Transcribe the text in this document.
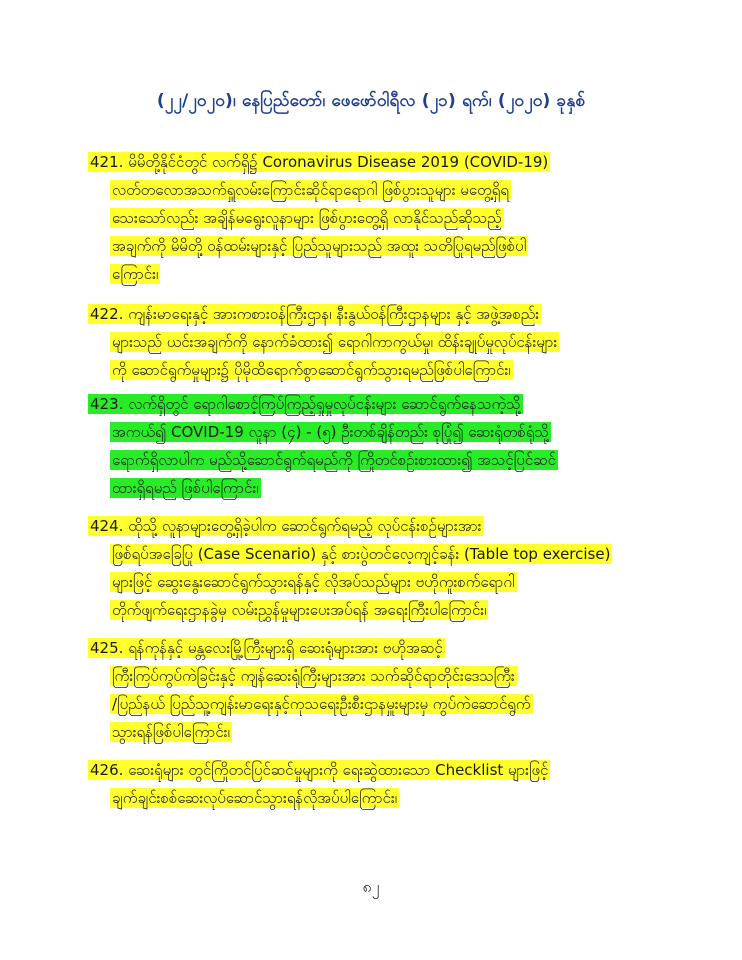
(၂၂/၂၀၂၀)၊ နေပြည်တော်၊ ဖေဖော်ဝါရီလ (၂၁) ရက်၊ (၂၀၂၀) ခုနှစ်
421. မိမိတို့နိုင်ငံတွင် လက်ရှိ၌ Coronavirus Disease 2019 (COVID-19)
လတ်တလောအသက်ရှူလမ်းကြောင်းဆိုင်ရာရောဂါ ဖြစ်ပွားသူများ မတွေ့ရှိရ
သေးသော်လည်း အချိန်မရွေးလူနာများ ဖြစ်ပွားတွေ့ရှိ လာနိုင်သည်ဆိုသည့်
အချက်ကို မိမိတို့ ဝန်ထမ်းများနှင့် ပြည်သူများသည် အထူး သတိပြုရမည်ဖြစ်ပါ
ကြောင်း၊
422. ကျန်းမာရေးနှင့် အားကစားဝန်ကြီးဌာန၊ နီးနွယ်ဝန်ကြီးဌာနများ နှင့် အဖွဲ့အစည်း
များသည် ယင်းအချက်ကို နောက်ခံထား၍ ရောဂါကာကွယ်မှု၊ ထိန်းချုပ်မှုလုပ်ငန်းများ
ကို ဆောင်ရွက်မှုများ၌ ပိုမိုထိရောက်စွာဆောင်ရွက်သွားရမည်ဖြစ်ပါကြောင်း၊
423. လက်ရှိတွင် ရောဂါစောင့်ကြပ်ကြည့်ရှုမှုလုပ်ငန်းများ ဆောင်ရွက်နေသကဲ့သို့
အကယ်၍ COVID-19 လူနာ (၄) - (၅) ဦးတစ်ချိန်တည်း စုပြုံ၍ ဆေးရုံတစ်ရုံသို့
ရောက်ရှိလာပါက မည်သို့ဆောင်ရွက်ရမည်ကို ကြိုတင်စဉ်းစားထား၍ အသင့်ပြင်ဆင်
ထားရှိရမည် ဖြစ်ပါကြောင်း၊
424. ထိုသို့ လူနာများတွေ့ရှိခဲ့ပါက ဆောင်ရွက်ရမည့် လုပ်ငန်းစဉ်များအား
ဖြစ်ရပ်အခြေပြု (Case Scenario) နှင့် စားပွဲတင်လေ့ကျင့်ခန်း (Table top exercise)
များဖြင့် ဆွေးနွေးဆောင်ရွက်သွားရန်နှင့် လိုအပ်သည်များ ဗဟိုကူးစက်ရောဂါ
တိုက်ဖျက်ရေးဌာနခွဲမှ လမ်းညွှန်မှုများပေးအပ်ရန် အရေးကြီးပါကြောင်း၊
425. ရန်ကုန်နှင့် မန္တလေးမြို့ကြီးများရှိ ဆေးရုံများအား ဗဟိုအဆင့်
ကြီးကြပ်ကွပ်ကဲခြင်းနှင့် ကျန်ဆေးရုံကြီးများအား သက်ဆိုင်ရာတိုင်းဒေသကြီး
/ပြည်နယ် ပြည်သူ့ကျန်းမာရေးနှင့်ကုသရေးဦးစီးဌာနမှူးများမှ ကွပ်ကဲဆောင်ရွက်
သွားရန်ဖြစ်ပါကြောင်း၊
426. ဆေးရုံများ တွင်ကြိုတင်ပြင်ဆင်မှုများကို ရေးဆွဲထားသော Checklist များဖြင့်
ချက်ချင်းစစ်ဆေးလုပ်ဆောင်သွားရန်လိုအပ်ပါကြောင်း၊
၈၂
